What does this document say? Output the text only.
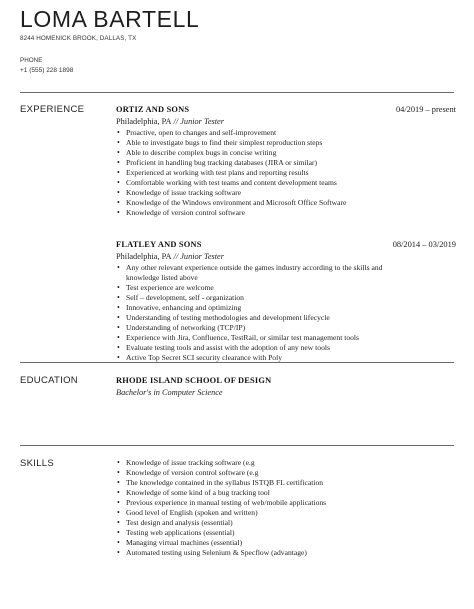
LOMA BARTELL
8244 HOMENICK BROOK, DALLAS, TX
PHONE
+1 (555) 228 1898
EXPERIENCE	ORTIZ AND SONS	04/2019 – present
Philadelphia, PA // Junior Tester
• Proactive, open to changes and self-improvement
• Able to investigate bugs to find their simplest reproduction steps
• Able to describe complex bugs in concise writing
• Proficient in handling bug tracking databases (JIRA or similar)
• Experienced at working with test plans and reporting results
• Comfortable working with test teams and content development teams
• Knowledge of issue tracking software
• Knowledge of the Windows environment and Microsoft Office Software
• Knowledge of version control software
FLATLEY AND SONS	08/2014 – 03/2019
Philadelphia, PA // Junior Tester
• Any other relevant experience outside the games industry according to the skills and
knowledge listed above
• Test experience are welcome
• Self – development, self - organization
• Innovative, enhancing and optimizing
• Understanding of testing methodologies and development lifecycle
• Understanding of networking (TCP/IP)
• Experience with Jira, Confluence, TestRail, or similar test management tools
• Evaluate testing tools and assist with the adoption of any new tools
• Active Top Secret SCI security clearance with Poly
EDUCATION	RHODE ISLAND SCHOOL OF DESIGN
Bachelor's in Computer Science
SKILLS
•	Knowledge of issue tracking software (e.g
• Knowledge of version control software (e.g
• The knowledge contained in the syllabus ISTQB FL certification
• Knowledge of some kind of a bug tracking tool
• Previous experience in manual testing of web/mobile applications
• Good level of English (spoken and written)
• Test design and analysis (essential)
• Testing web applications (essential)
• Managing virtual machines (essential)
• Automated testing using Selenium & Specflow (advantage)
